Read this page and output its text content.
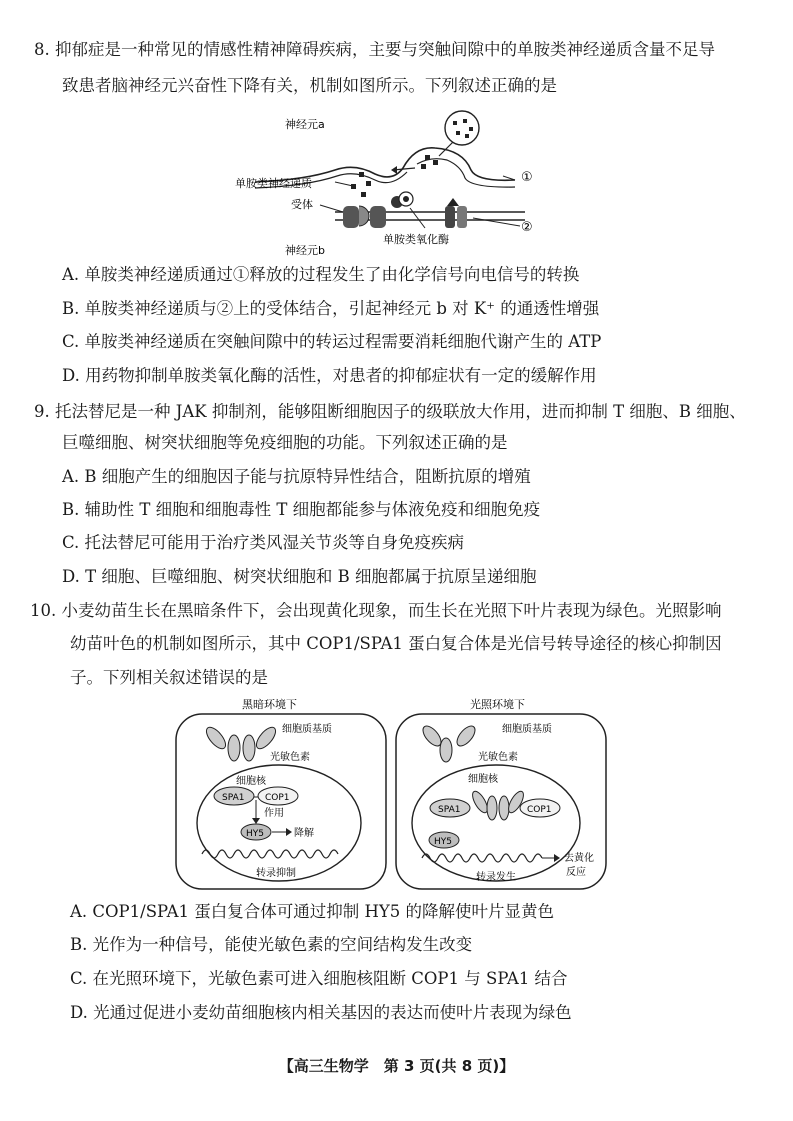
8. 抑郁症是一种常见的情感性精神障碍疾病，主要与突触间隙中的单胺类神经递质含量不足导
致患者脑神经元兴奋性下降有关，机制如图所示。下列叙述正确的是
神经元a
①
②
单胺类神经递质
受体
单胺类氧化酶
神经元b
A. 单胺类神经递质通过①释放的过程发生了由化学信号向电信号的转换
B. 单胺类神经递质与②上的受体结合，引起神经元 b 对 K⁺ 的通透性增强
C. 单胺类神经递质在突触间隙中的转运过程需要消耗细胞代谢产生的 ATP
D. 用药物抑制单胺类氧化酶的活性，对患者的抑郁症状有一定的缓解作用
9. 托法替尼是一种 JAK 抑制剂，能够阻断细胞因子的级联放大作用，进而抑制 T 细胞、B 细胞、
巨噬细胞、树突状细胞等免疫细胞的功能。下列叙述正确的是
A. B 细胞产生的细胞因子能与抗原特异性结合，阻断抗原的增殖
B. 辅助性 T 细胞和细胞毒性 T 细胞都能参与体液免疫和细胞免疫
C. 托法替尼可能用于治疗类风湿关节炎等自身免疫疾病
D. T 细胞、巨噬细胞、树突状细胞和 B 细胞都属于抗原呈递细胞
10. 小麦幼苗生长在黑暗条件下，会出现黄化现象，而生长在光照下叶片表现为绿色。光照影响
幼苗叶色的机制如图所示，其中 COP1/SPA1 蛋白复合体是光信号转导途径的核心抑制因
子。下列相关叙述错误的是
黑暗环境下
细胞质基质
光敏色素
细胞核
SPA1 COP1
作用
HY5	降解
转录抑制
光照环境下
细胞质基质
光敏色素
细胞核
SPA1	COP1
HY5
去黄化
反应
转录发生
A. COP1/SPA1 蛋白复合体可通过抑制 HY5 的降解使叶片显黄色
B. 光作为一种信号，能使光敏色素的空间结构发生改变
C. 在光照环境下，光敏色素可进入细胞核阻断 COP1 与 SPA1 结合
D. 光通过促进小麦幼苗细胞核内相关基因的表达而使叶片表现为绿色
【高三生物学　第 3 页(共 8 页)】
